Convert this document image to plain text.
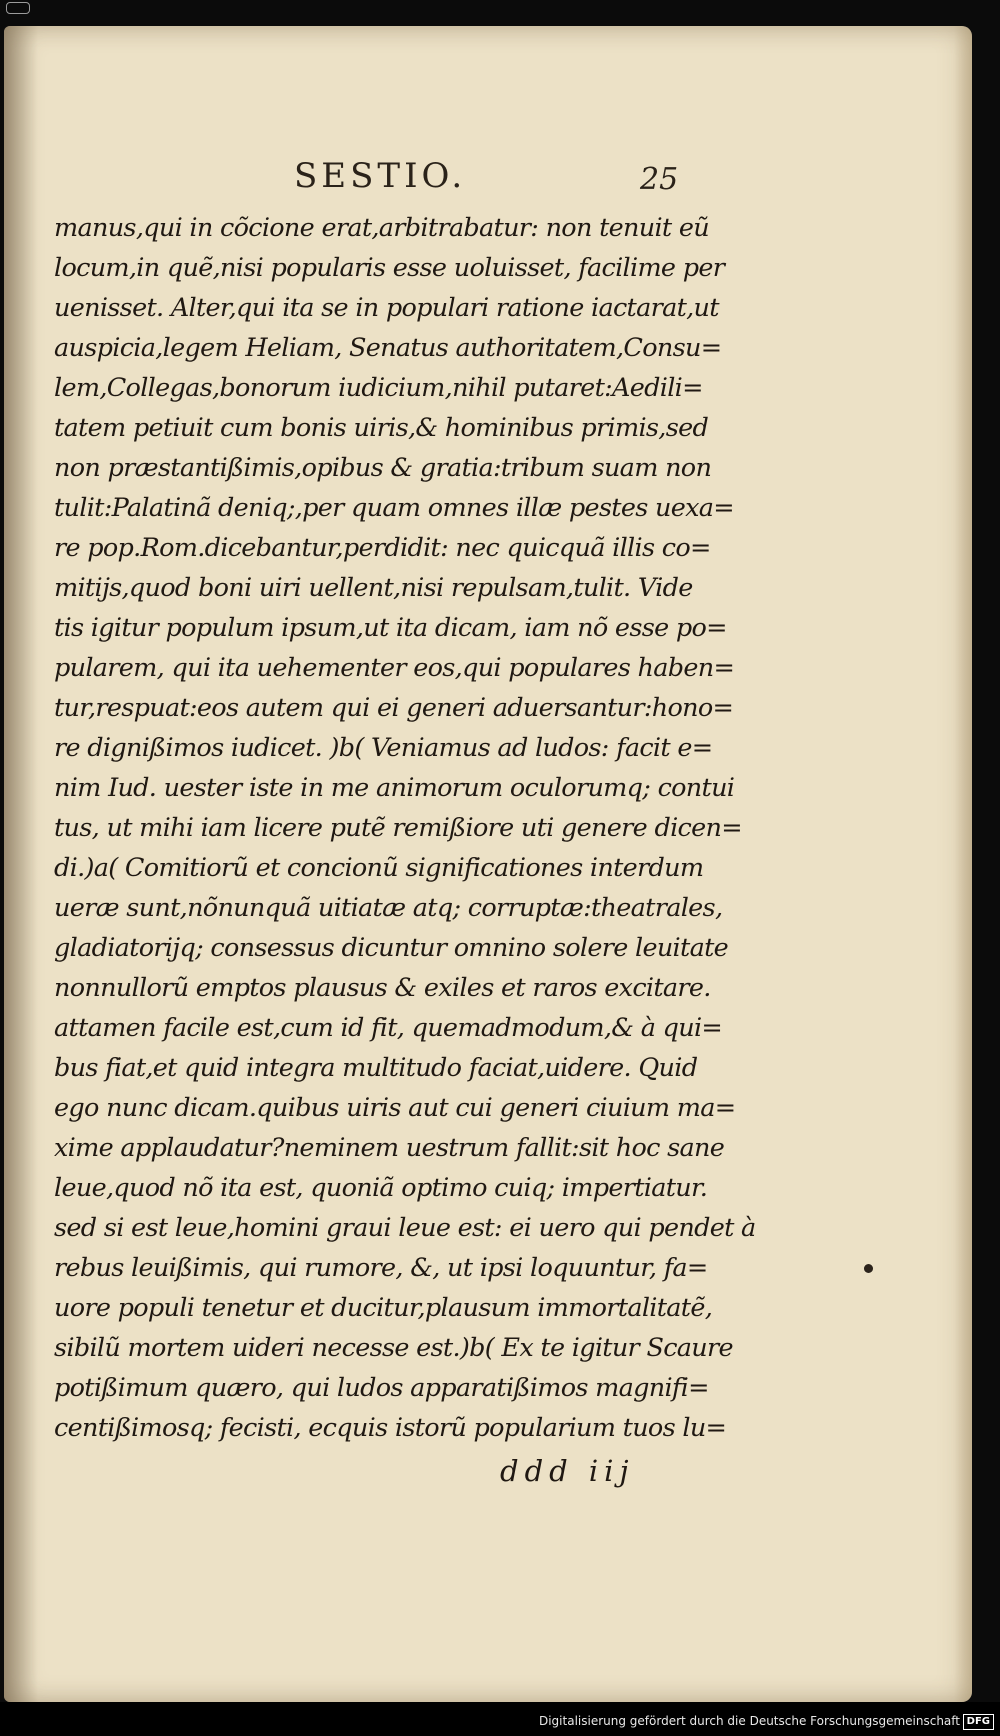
SESTIO.	25
manus,qui in cõcione erat,arbitrabatur: non tenuit eũ
locum,in quẽ,nisi popularis esse uoluisset, facilime per
uenisset. Alter,qui ita se in populari ratione iactarat,ut
auspicia,legem Heliam, Senatus authoritatem,Consu=
lem,Collegas,bonorum iudicium,nihil putaret:Aedili=
tatem petiuit cum bonis uiris,& hominibus primis,sed
non præstantißimis,opibus & gratia:tribum suam non
tulit:Palatinã deniq;,per quam omnes illæ pestes uexa=
re pop.Rom.dicebantur,perdidit: nec quicquã illis co=
mitijs,quod boni uiri uellent,nisi repulsam,tulit. Vide
tis igitur populum ipsum,ut ita dicam, iam nõ esse po=
pularem, qui ita uehementer eos,qui populares haben=
tur,respuat:eos autem qui ei generi aduersantur:hono=
re dignißimos iudicet. )b( Veniamus ad ludos: facit e=
nim Iud. uester iste in me animorum oculorumq; contui
tus, ut mihi iam licere putẽ remißiore uti genere dicen=
di.)a( Comitiorũ et concionũ significationes interdum
ueræ sunt,nõnunquã uitiatæ atq; corruptæ:theatrales,
gladiatorijq; consessus dicuntur omnino solere leuitate
nonnullorũ emptos plausus & exiles et raros excitare.
attamen facile est,cum id fit, quemadmodum,& à qui=
bus fiat,et quid integra multitudo faciat,uidere. Quid
ego nunc dicam.quibus uiris aut cui generi ciuium ma=
xime applaudatur?neminem uestrum fallit:sit hoc sane
leue,quod nõ ita est, quoniã optimo cuiq; impertiatur.
sed si est leue,homini graui leue est: ei uero qui pendet à
rebus leuißimis, qui rumore, &, ut ipsi loquuntur, fa=
uore populi tenetur et ducitur,plausum immortalitatẽ,
sibilũ mortem uideri necesse est.)b( Ex te igitur Scaure
potißimum quæro, qui ludos apparatißimos magnifi=
centißimosq; fecisti, ecquis istorũ popularium tuos lu=
ddd iij
Digitalisierung gefördert durch die Deutsche Forschungsgemeinschaft DFG
